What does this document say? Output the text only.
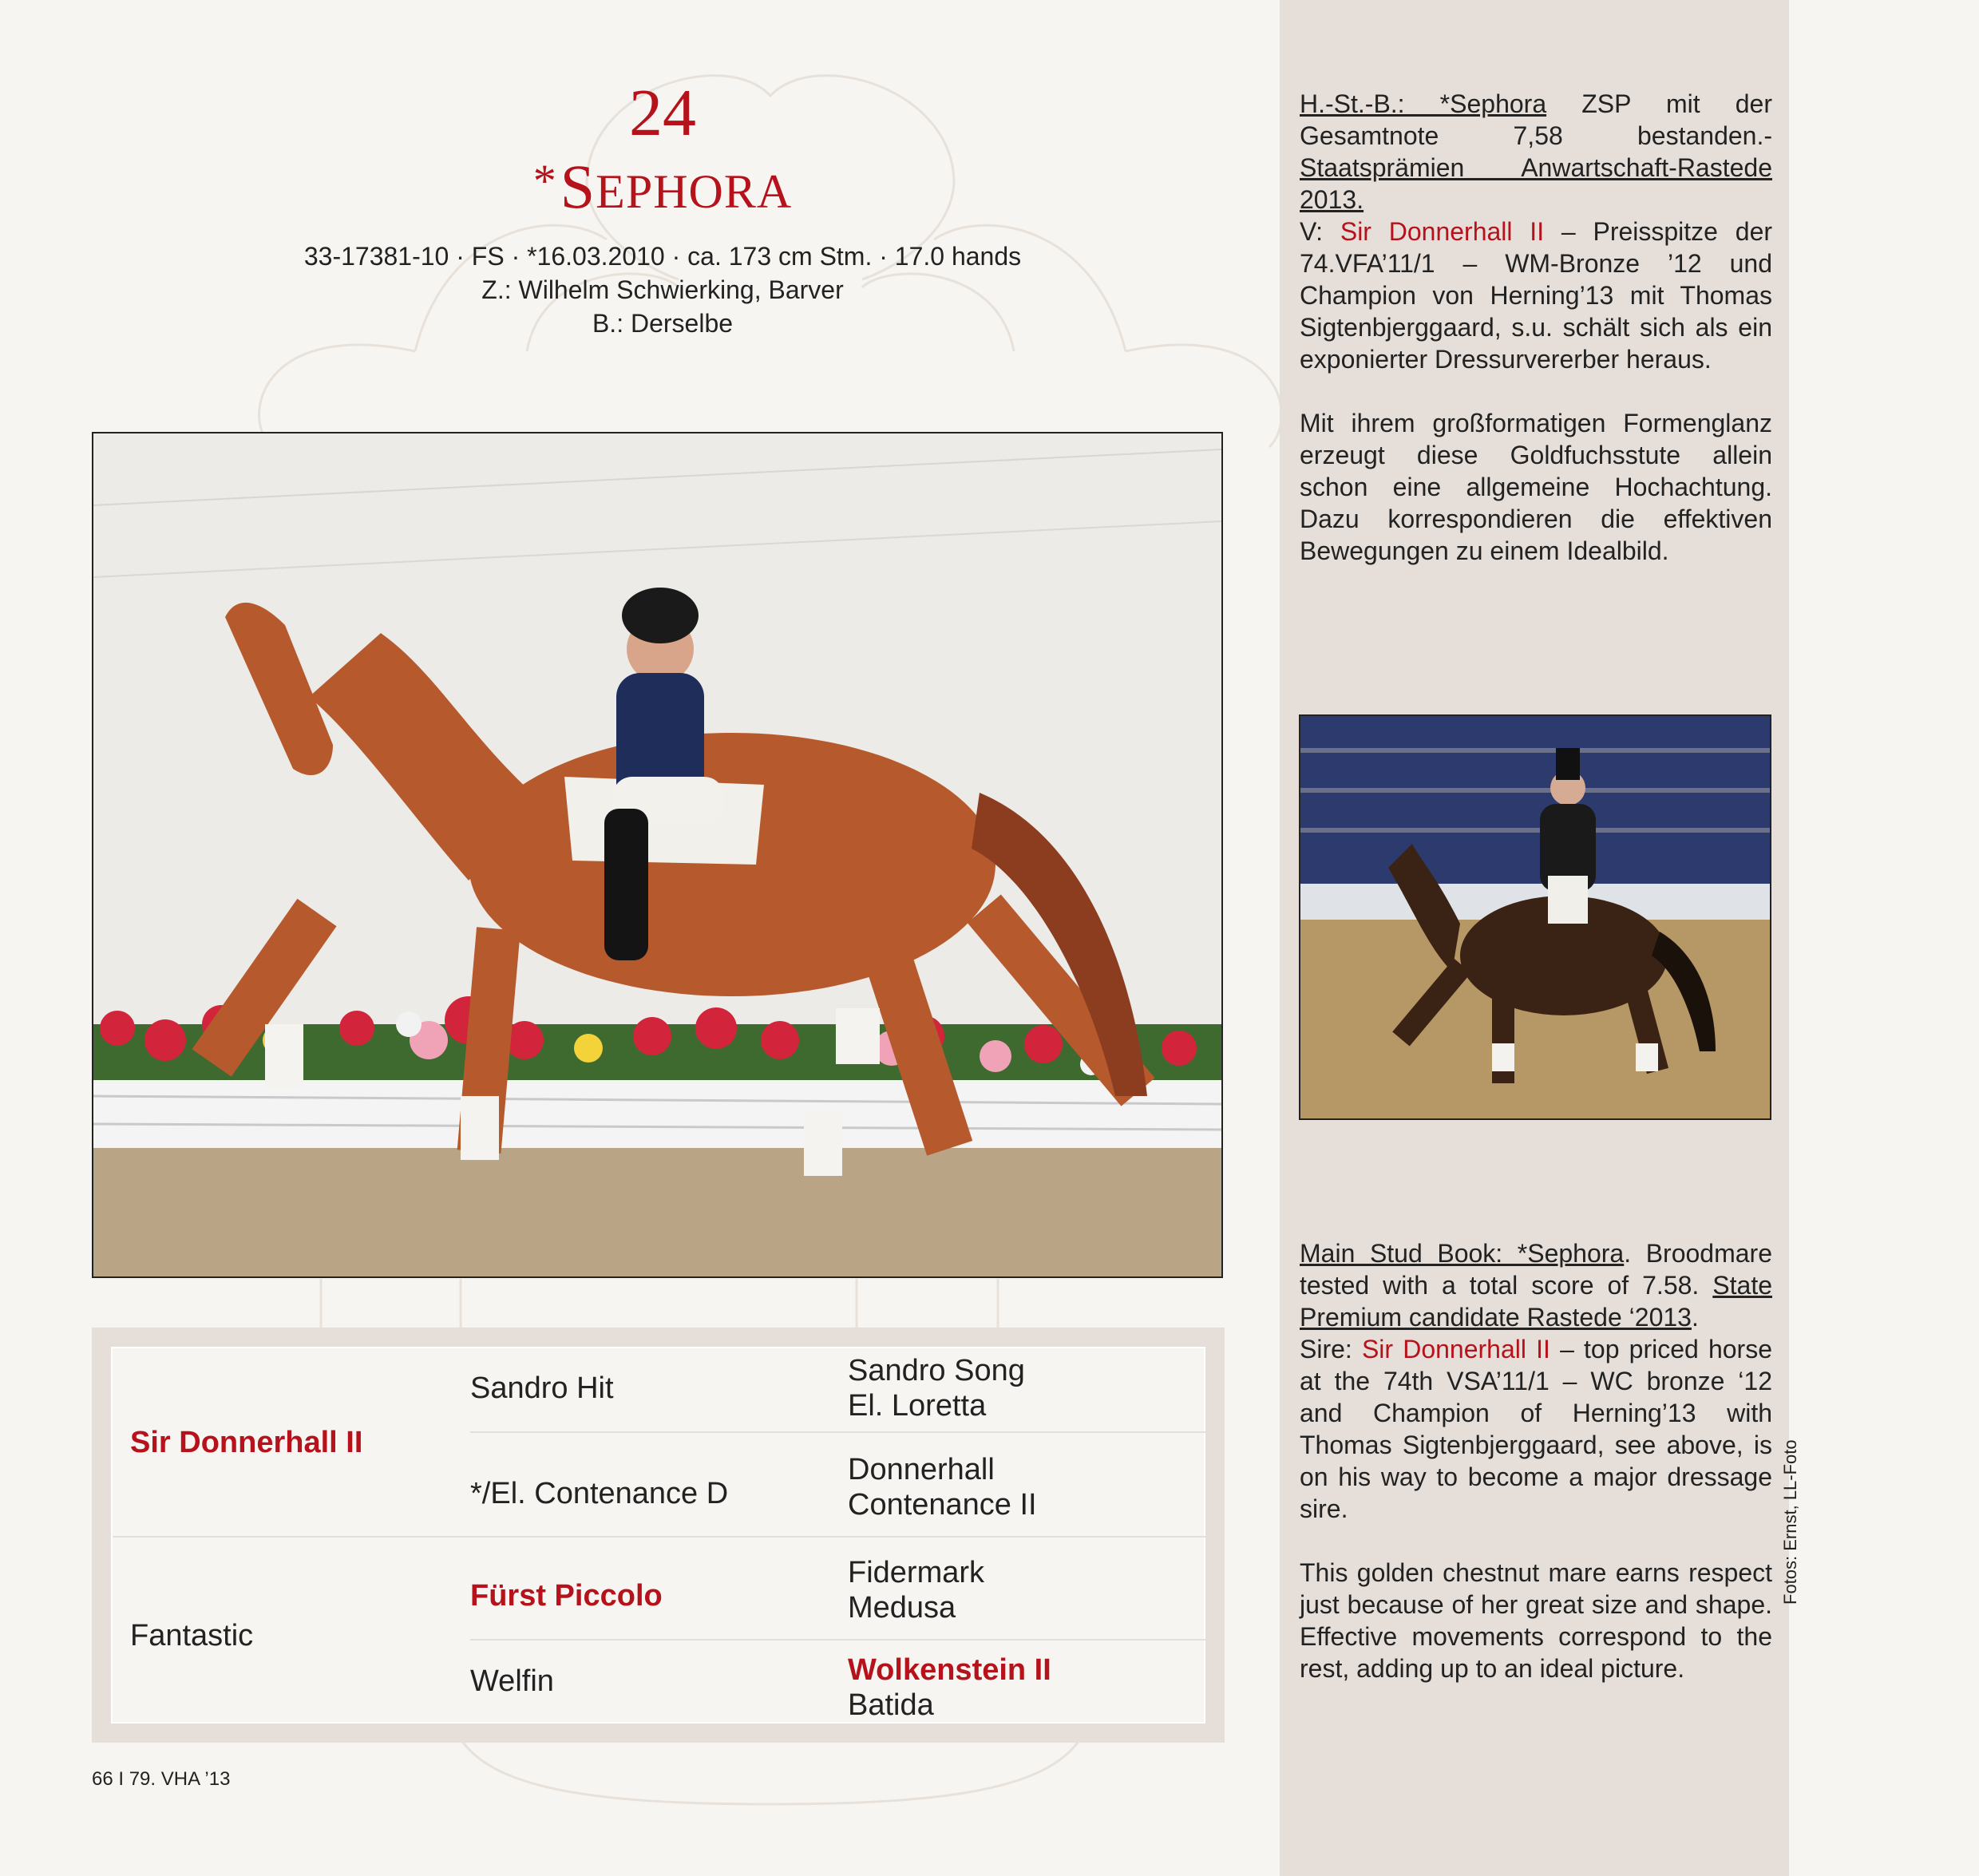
24
*SEPHORA
33-17381-10 · FS · *16.03.2010 · ca. 173 cm Stm. · 17.0 hands
Z.: Wilhelm Schwierking, Barver
B.: Derselbe

H.-St.-B.: *Sephora ZSP mit der Gesamtnote 7,58 bestanden.-Staatsprämien Anwartschaft-Rastede 2013.
V: Sir Donnerhall II – Preisspitze der 74.VFA’11/1 – WM-Bronze ’12 und Champion von Herning’13 mit Thomas Sigtenbjerggaard, s.u. schält sich als ein exponierter Dressurvererber heraus.

Mit ihrem großformatigen Formenglanz erzeugt diese Goldfuchsstute allein schon eine allgemeine Hochachtung. Dazu korrespondieren die effektiven Bewegungen zu einem Idealbild.

Main Stud Book: *Sephora. Broodmare tested with a total score of 7.58. State Premium candidate Rastede ‘2013.
Sire: Sir Donnerhall II – top priced horse at the 74th VSA’11/1 – WC bronze ‘12 and Champion of Herning’13 with Thomas Sigtenbjerggaard, see above, is on his way to become a major dressage sire.

This golden chestnut mare earns respect just because of her great size and shape. Effective movements correspond to the rest, adding up to an ideal picture.

Fotos: Ernst, LL-Foto
Sir Donnerhall II
Fantastic
Sandro Hit
*/El. Contenance D
Fürst Piccolo
Welfin
Sandro Song
El. Loretta
Donnerhall
Contenance II
Fidermark
Medusa
Wolkenstein II
Batida
66 I 79. VHA ’13
